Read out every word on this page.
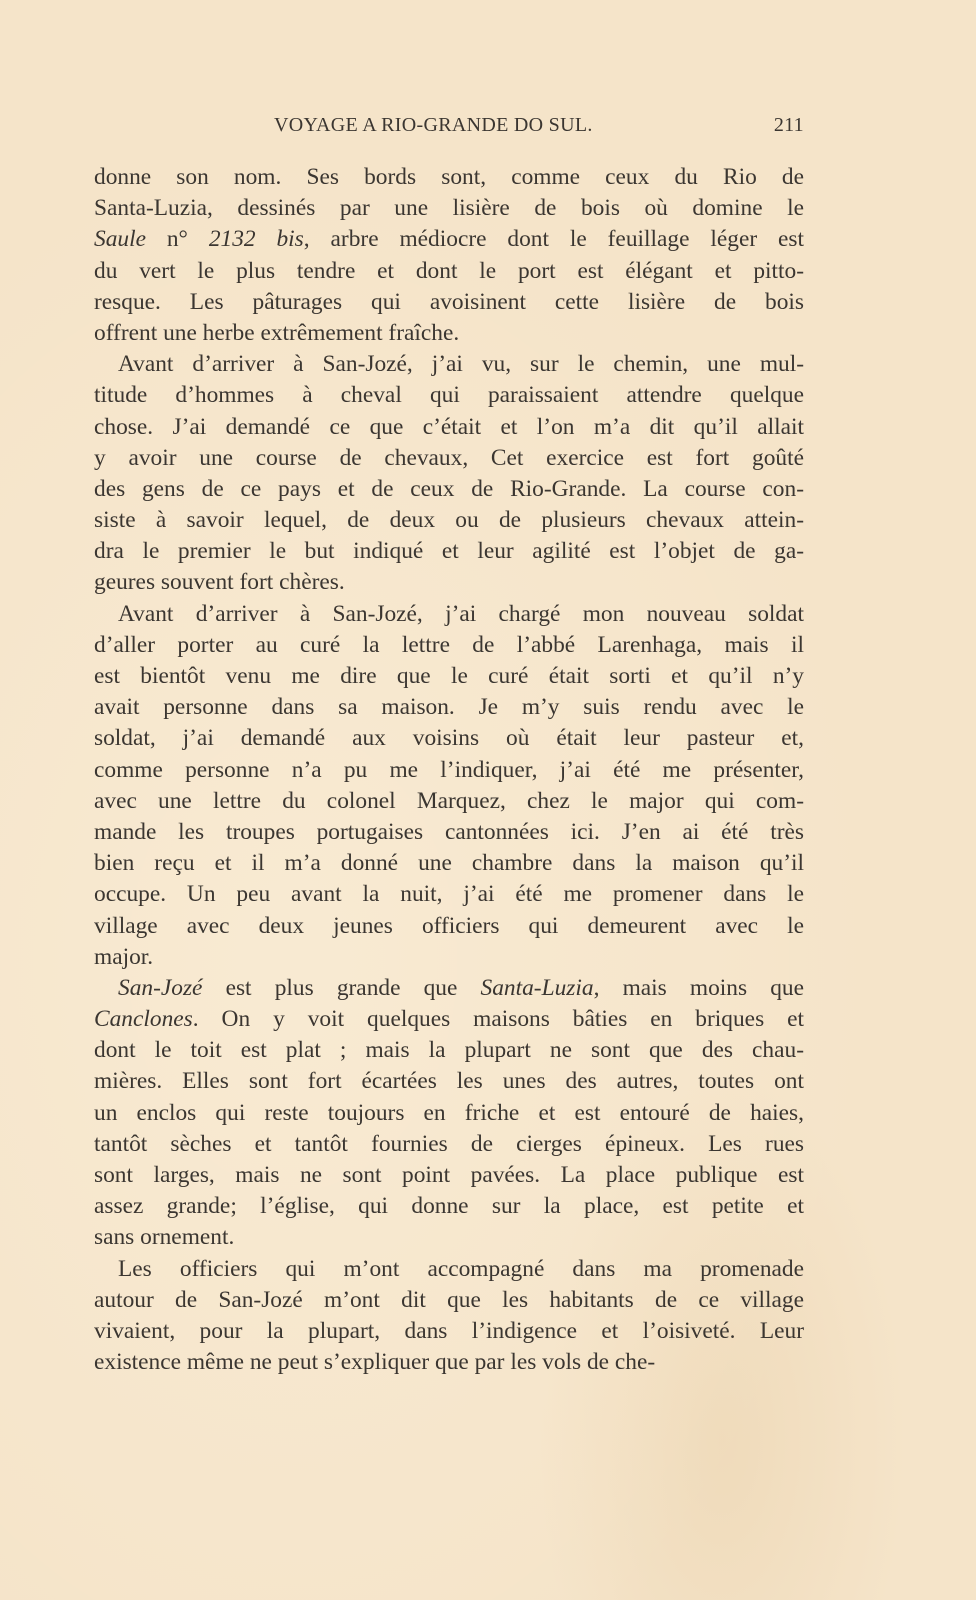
VOYAGE A RIO-GRANDE DO SUL.	211
donne son nom. Ses bords sont, comme ceux du Rio de
Santa-Luzia, dessinés par une lisière de bois où domine le
Saule n° 2132 bis, arbre médiocre dont le feuillage léger est
du vert le plus tendre et dont le port est élégant et pitto-
resque. Les pâturages qui avoisinent cette lisière de bois
offrent une herbe extrêmement fraîche.
Avant d’arriver à San-Jozé, j’ai vu, sur le chemin, une mul-
titude d’hommes à cheval qui paraissaient attendre quelque
chose. J’ai demandé ce que c’était et l’on m’a dit qu’il allait
y avoir une course de chevaux, Cet exercice est fort goûté
des gens de ce pays et de ceux de Rio-Grande. La course con-
siste à savoir lequel, de deux ou de plusieurs chevaux attein-
dra le premier le but indiqué et leur agilité est l’objet de ga-
geures souvent fort chères.
Avant d’arriver à San-Jozé, j’ai chargé mon nouveau soldat
d’aller porter au curé la lettre de l’abbé Larenhaga, mais il
est bientôt venu me dire que le curé était sorti et qu’il n’y
avait personne dans sa maison. Je m’y suis rendu avec le
soldat, j’ai demandé aux voisins où était leur pasteur et,
comme personne n’a pu me l’indiquer, j’ai été me présenter,
avec une lettre du colonel Marquez, chez le major qui com-
mande les troupes portugaises cantonnées ici. J’en ai été très
bien reçu et il m’a donné une chambre dans la maison qu’il
occupe. Un peu avant la nuit, j’ai été me promener dans le
village avec deux jeunes officiers qui demeurent avec le
major.
San-Jozé est plus grande que Santa-Luzia, mais moins que
Canclones. On y voit quelques maisons bâties en briques et
dont le toit est plat ; mais la plupart ne sont que des chau-
mières. Elles sont fort écartées les unes des autres, toutes ont
un enclos qui reste toujours en friche et est entouré de haies,
tantôt sèches et tantôt fournies de cierges épineux. Les rues
sont larges, mais ne sont point pavées. La place publique est
assez grande; l’église, qui donne sur la place, est petite et
sans ornement.
Les officiers qui m’ont accompagné dans ma promenade
autour de San-Jozé m’ont dit que les habitants de ce village
vivaient, pour la plupart, dans l’indigence et l’oisiveté. Leur
existence même ne peut s’expliquer que par les vols de che-
